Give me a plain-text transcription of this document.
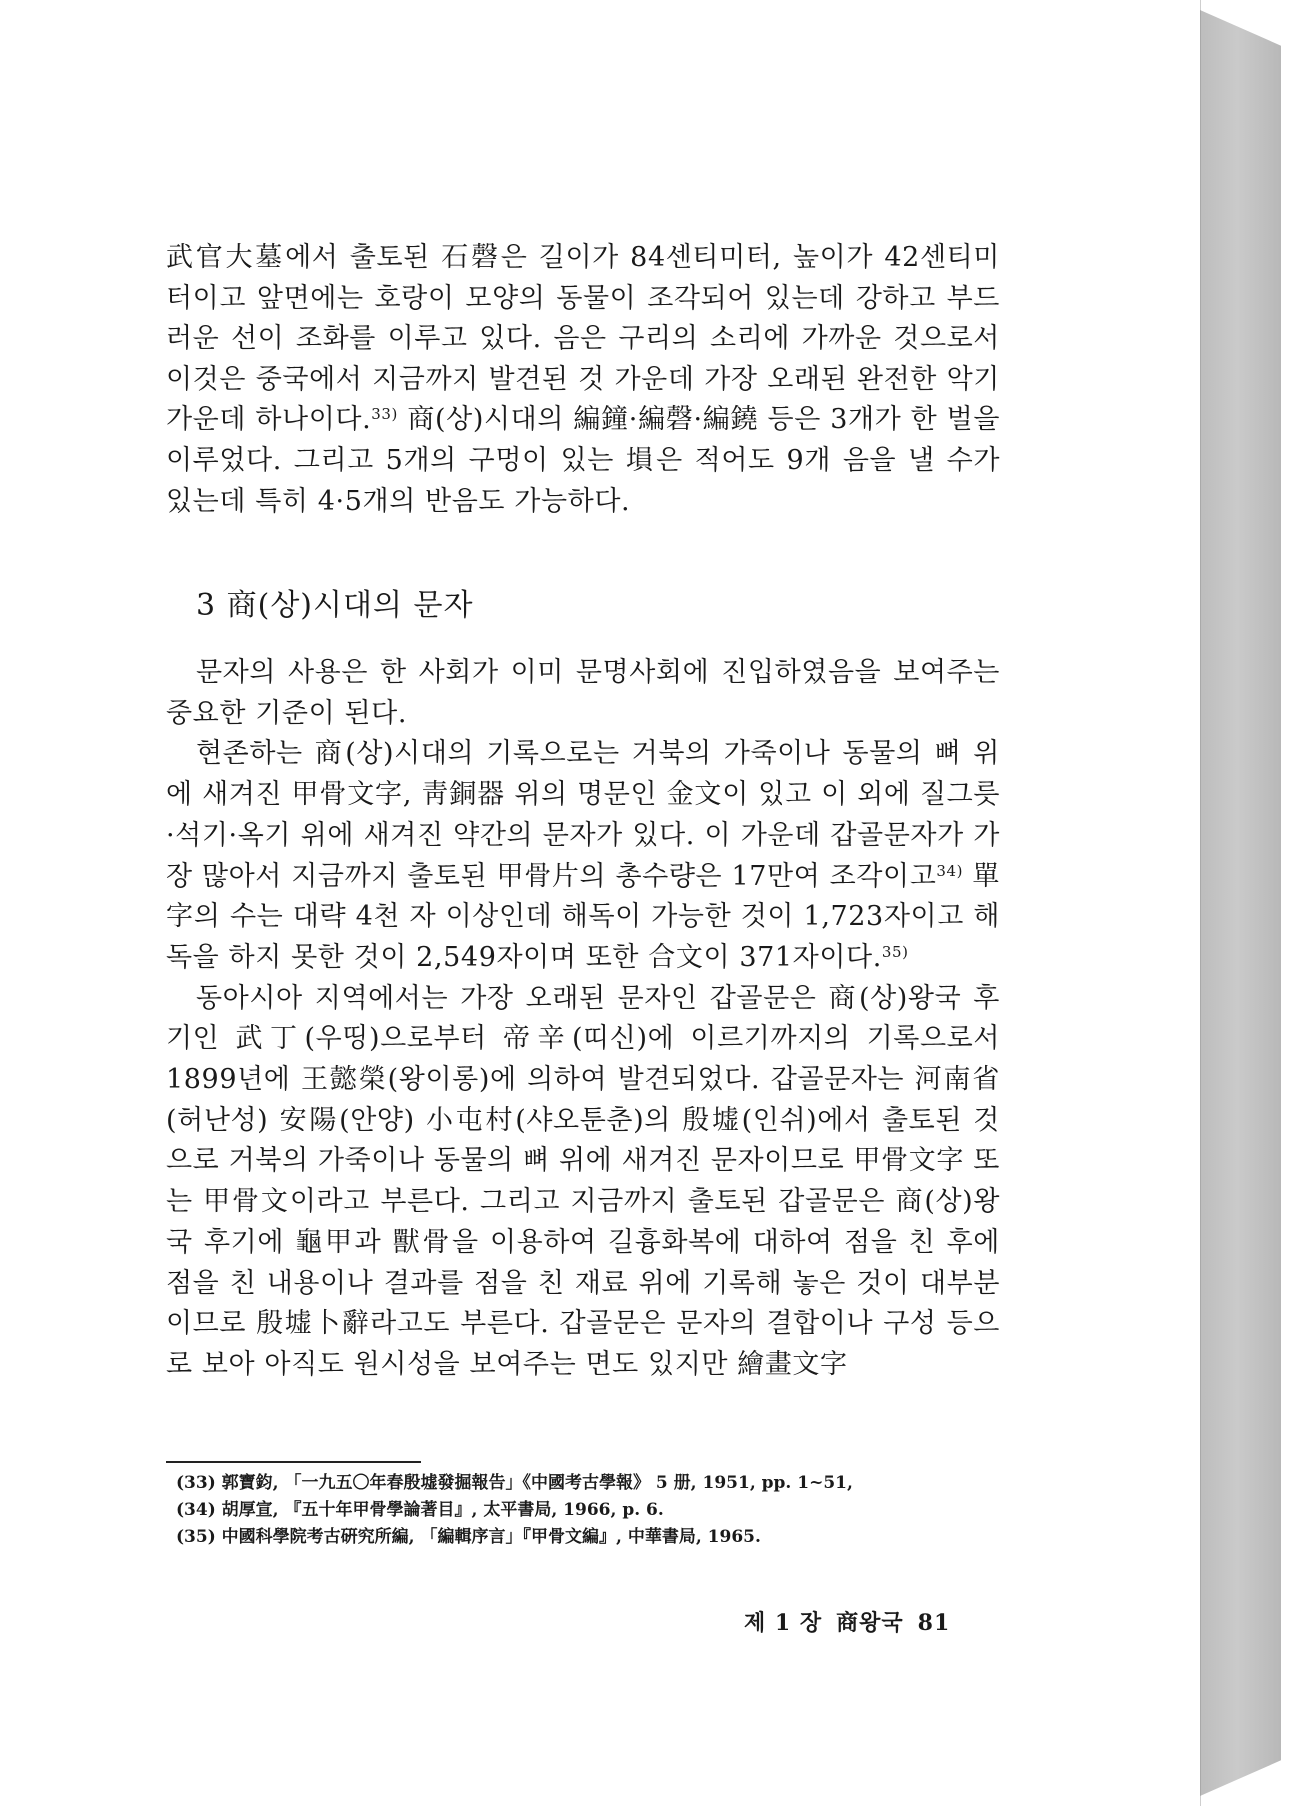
武官大墓에서 출토된 石磬은 길이가 84센티미터, 높이가 42센티미터이고 앞면에는 호랑이 모양의 동물이 조각되어 있는데 강하고 부드러운 선이 조화를 이루고 있다. 음은 구리의 소리에 가까운 것으로서 이것은 중국에서 지금까지 발견된 것 가운데 가장 오래된 완전한 악기 가운데 하나이다.$^{33)}$ 商(상)시대의 編鐘·編磬·編鐃 등은 3개가 한 벌을 이루었다. 그리고 5개의 구멍이 있는 塤은 적어도 9개 음을 낼 수가 있는데 특히 4·5개의 반음도 가능하다.

3 商(상)시대의 문자

문자의 사용은 한 사회가 이미 문명사회에 진입하였음을 보여주는 중요한 기준이 된다.

현존하는 商(상)시대의 기록으로는 거북의 가죽이나 동물의 뼈 위에 새겨진 甲骨文字, 靑銅器 위의 명문인 金文이 있고 이 외에 질그릇·석기·옥기 위에 새겨진 약간의 문자가 있다. 이 가운데 갑골문자가 가장 많아서 지금까지 출토된 甲骨片의 총수량은 17만여 조각이고$^{34)}$ 單字의 수는 대략 4천 자 이상인데 해독이 가능한 것이 1,723자이고 해독을 하지 못한 것이 2,549자이며 또한 合文이 371자이다.$^{35)}$

동아시아 지역에서는 가장 오래된 문자인 갑골문은 商(상)왕국 후기인 武丁(우띵)으로부터 帝辛(띠신)에 이르기까지의 기록으로서 1899년에 王懿榮(왕이롱)에 의하여 발견되었다. 갑골문자는 河南省(허난성) 安陽(안양) 小屯村(샤오툰춘)의 殷墟(인쉬)에서 출토된 것으로 거북의 가죽이나 동물의 뼈 위에 새겨진 문자이므로 甲骨文字 또는 甲骨文이라고 부른다. 그리고 지금까지 출토된 갑골문은 商(상)왕국 후기에 龜甲과 獸骨을 이용하여 길흉화복에 대하여 점을 친 후에 점을 친 내용이나 결과를 점을 친 재료 위에 기록해 놓은 것이 대부분이므로 殷墟卜辭라고도 부른다. 갑골문은 문자의 결합이나 구성 등으로 보아 아직도 원시성을 보여주는 면도 있지만 繪畫文字

(33) 郭寶鈞, 「一九五〇年春殷墟發掘報告」《中國考古學報》 5 册, 1951, pp. 1~51,
(34) 胡厚宣, 『五十年甲骨學論著目』, 太平書局, 1966, p. 6.
(35) 中國科學院考古硏究所編, 「編輯序言」『甲骨文編』, 中華書局, 1965.
제 1 장 商왕국 81
